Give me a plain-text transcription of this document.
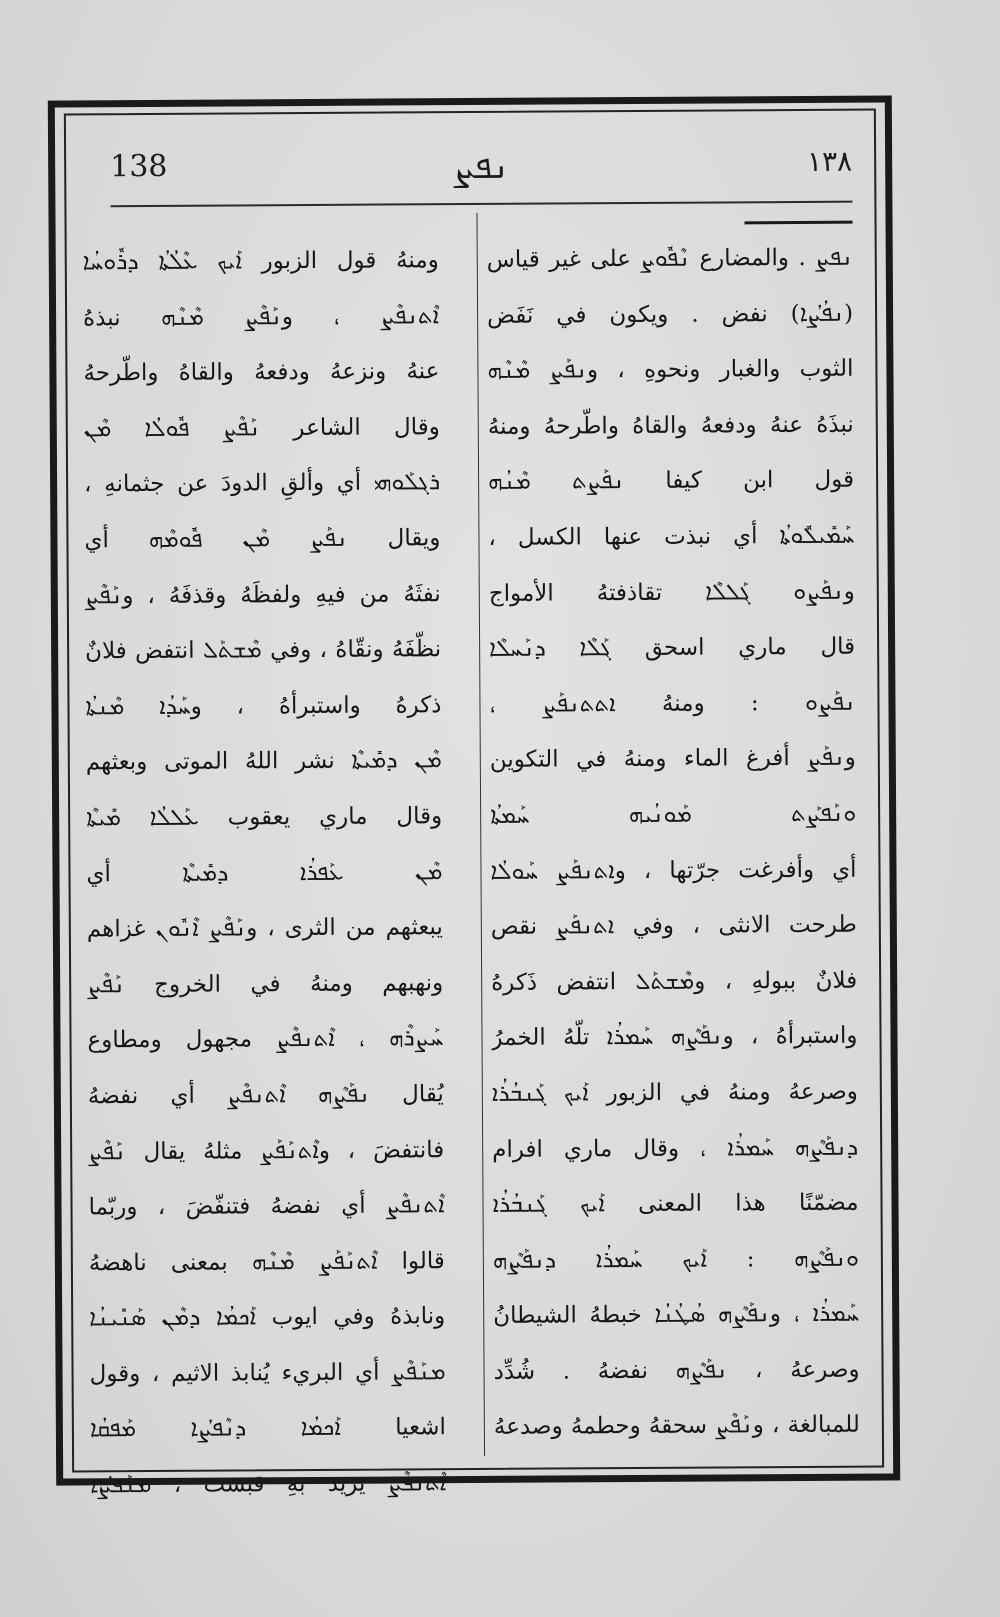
138	ܢܦܨ	١٣٨
ܢܦܨ . والمضارع ܢܶܦܽܘܨ على غير قياس
(ܢܦܳܨܳܐ) نفض . ويكون في نَفَض
الثوب والغبار ونحوهِ ، وܢܦܰܨ ܡܶܢܶܗ
نبذَهُ عنهُ ودفعهُ والقاهُ واطّرحهُ ومنهُ
قول ابن كيفا ܢܦܰܨܬ ܡܶܢܳܗ
ܚܰܡܺܝܠܽܘܬܳܐ أي نبذت عنها الكسل ،
وܢܦܰܨܘ ܓܰܠܠܶܐ تقاذفتهُ الأمواج
قال ماري اسحق ܓܰܠܶܐ ܕܢܰܚܠܶܐ
ܢܦܰܨܘ : ومنهُ ܐܬܬܢܦܰܨ ،
وܢܦܰܨ أفرغ الماء ومنهُ في التكوين
ܘܢܰܦܨܰܬ ܡܰܘܢܳܝܗ ܚܰܡܬܳܐ
أي وأفرغت جرّتها ، وܐܬܢܦܰܨ ܚܰܘܠܳܐ
طرحت الانثى ، وفي ܐܬܢܦܰܨ نقص
فلانٌ ببولهِ ، وܡܶܫܬܰܠ انتفض ذَكرهُ
واستبرأهُ ، وܢܦܰܨܶܗ ܚܰܡܪܳܐ تلّهُ الخمرُ
وصرعهُ ومنهُ في الزبور ܐܰܝܟ ܓܰܢܒܳܪܳܐ
ܕܢܦܰܨܶܗ ܚܰܡܪܳܐ ، وقال ماري افرام
مضمّنًا هذا المعنى ܐܰܝܟ ܓܰܢܒܳܪܳܐ
ܘܢܦܰܨܶܗ : ܐܰܝܟ ܚܰܡܪܳܐ ܕܢܦܰܨܶܗ
ܚܰܡܪܳܐ ، وܢܦܰܨܶܗ ܣܳܛܳܢܳܐ خبطهُ الشيطانُ
وصرعهُ ، ܢܦܰܨܶܗ نفضهُ . شُدِّد
للمبالغة ، وܢܰܦܶܨ سحقهُ وحطمهُ وصدعهُ
ومنهُ قول الزبور ܐܰܝܟ ܥܶܠܳܬܳܐ ܕܪܽܘܚܳܐ
ܐܶܬܢܦܶܨ ، وܢܰܦܶܨ ܡܶܢܶܗ نبذهُ
عنهُ ونزعهُ ودفعهُ والقاهُ واطّرحهُ
وقال الشاعر ܢܰܦܶܨ ܦܽܘܠܳܐ ܡܶܢ
ܪܓܠܰܘܗܝ أي وألقِ الدودَ عن جثمانهِ ،
ويقال ܢܦܰܨ ܡܶܢ ܦܽܘܡܶܗ أي
نفثَهُ من فيهِ ولفظَهُ وقذفَهُ ، وܢܰܦܶܨ
نظّفَهُ ونقّاهُ ، وفي ܡܶܫܬܰܠ انتفض فلانٌ
ذكرهُ واستبرأهُ ، وܚܰܕܳܐ ܡܶܢܬܳܐ
ܡܶܢ ܕܡܺܝܬܶܐ نشر اللهُ الموتى وبعثهم
وقال ماري يعقوب ܥܰܠܠܳܐ ܡܺܝܬܶܐ
ܡܶܢ ܥܰܦܪܳܐ ܕܡܺܝܬܶܐ أي
يبعثهم من الثرى ، وܢܰܦܶܨ ܐܶܢܽܘܢ غزاهم
ونهبهم ومنهُ في الخروج ܢܰܦܶܨ
ܚܰܨܪܶܗ ، ܐܶܬܢܦܶܨ مجهول ومطاوع
يُقال ܢܦܰܨܶܗ ܐܶܬܢܦܶܨ أي نفضهُ
فانتفضَ ، وܐܶܬܢܰܦܰܨ مثلهُ يقال ܢܰܦܶܨ
ܐܶܬܢܦܶܨ أي نفضهُ فتنفّضَ ، وربّما
قالوا ܐܶܬܢܰܦܰܨ ܡܶܢܶܗ بمعنى ناهضهُ
ونابذهُ وفي ايوب ܐܰܟܡܳܐ ܕܡܶܢ ܣܰܢܺܝܢܳܐ
ܡܢܰܦܶܨ أي البريء يُنابذ الاثيم ، وقول
اشعيا ܐܰܟܡܳܐ ܕܢܶܦܨܳܐ ܡܰܦܩܳܐ
ܐܶܬܢܦܶܨ يريد بهِ قبست ، ܡܢܰܦܨܳܐ
